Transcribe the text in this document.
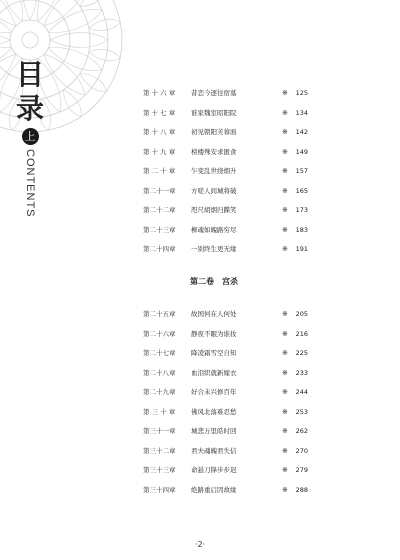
目
录
上
CONTENTS
第 十 六 章 昔恋今逐往宿墓	※ 125
第 十 七 章 谁家魏室昭阳院	※ 134
第 十 八 章 初见朝阳芙蓉面	※ 142
第 十 九 章 榜楼殊安求匿食	※ 149
第 二 十 章 乍变乱世绕烟升	※ 157
第二十一章 方嗟人间城将破	※ 165
第二十二章 咫尺胡烟归蹀笑	※ 173
第二十三章 柳魂如魄路穷尽	※ 183
第二十四章 一别终生更无缘	※ 191
第二卷 宫杀
第二十五章 故国何在人何处	※ 205
第二十六章 静夜不眠为谁妆	※ 216
第二十七章 降凌霜雪空自知	※ 225
第二十八章 血泪织就新嫁衣	※ 233
第二十九章 好合未兴修百年	※ 244
第 三 十 章 佛风北落难忍愁	※ 253
第三十一章 城悲万里皓时回	※ 262
第三十二章 君夫魂魄君失信	※ 270
第三十三章 命悬刀锋步步迟	※ 279
第三十四章 绝路重启因故缘	※ 288
·2·
